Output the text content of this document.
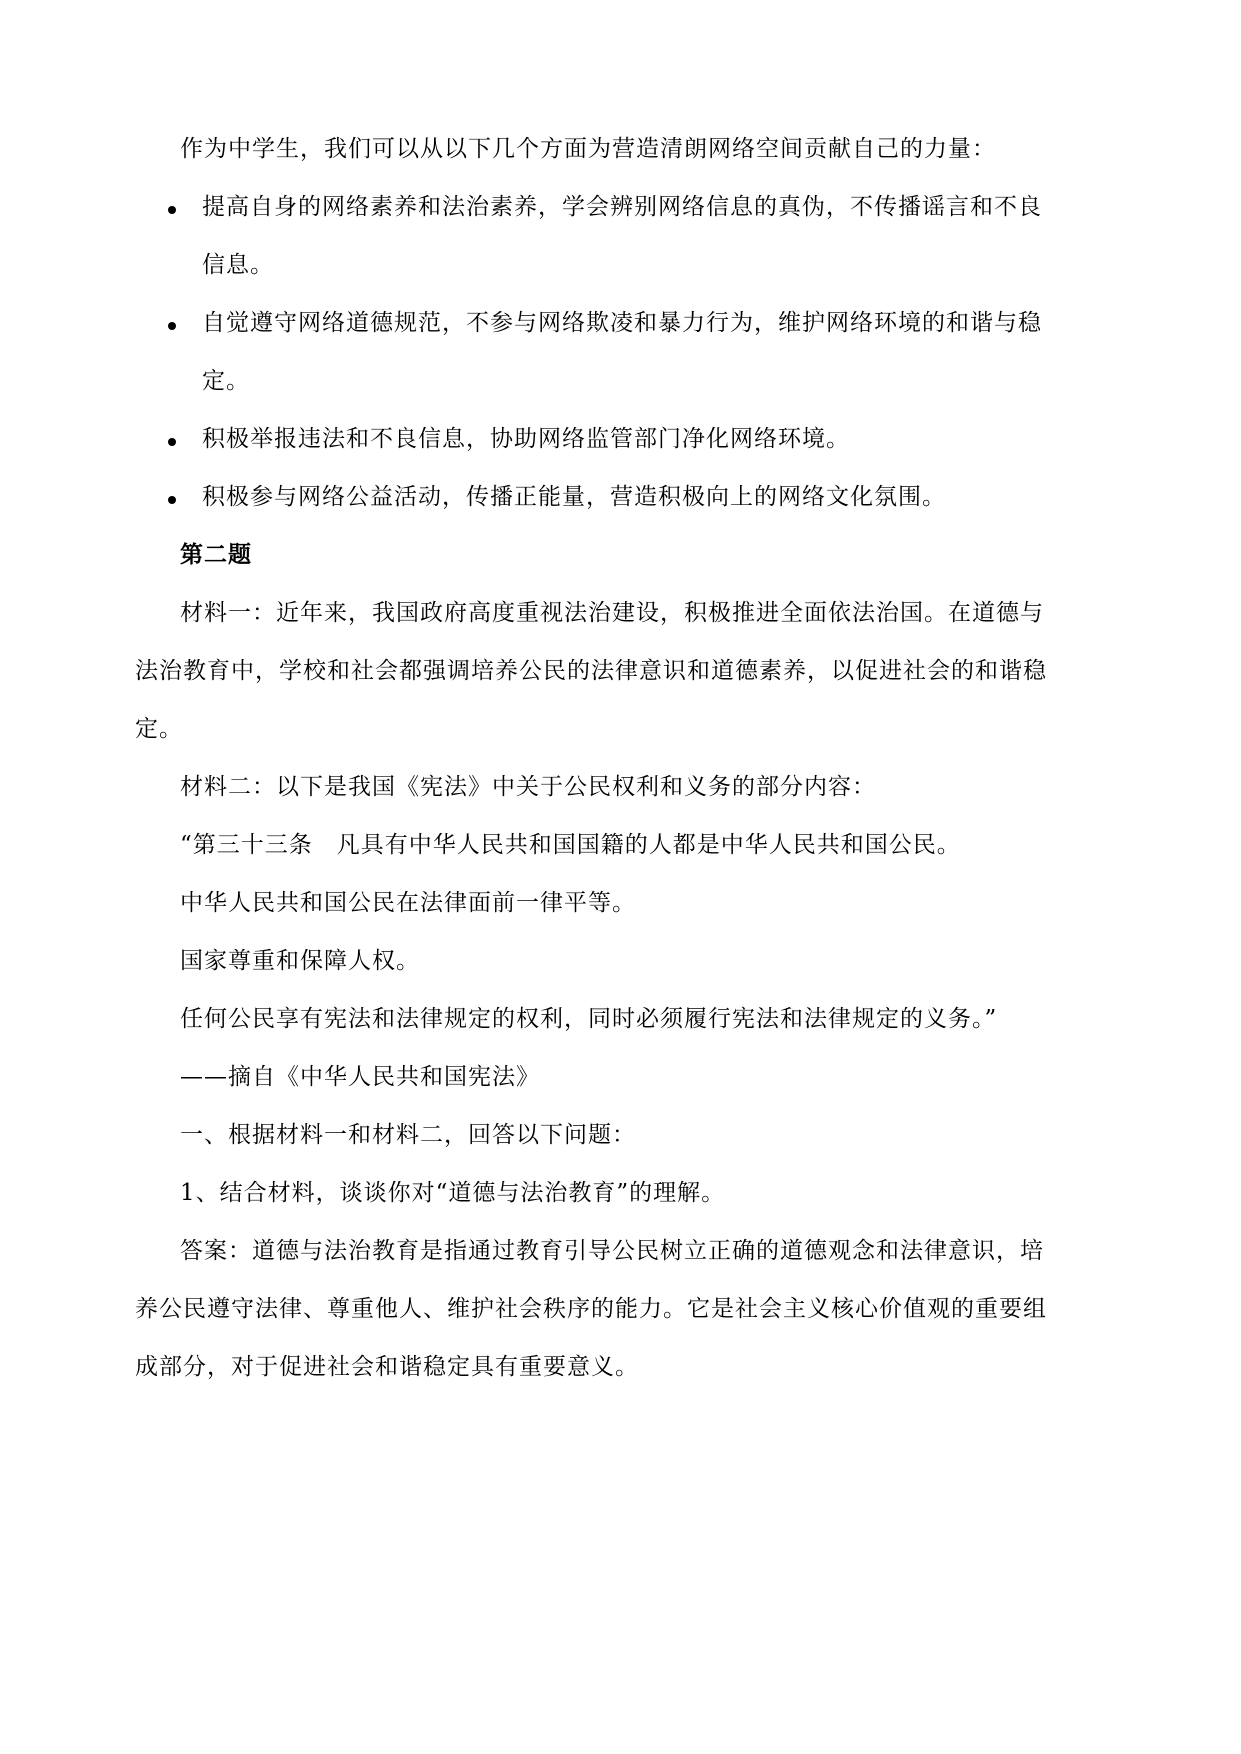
作为中学生，我们可以从以下几个方面为营造清朗网络空间贡献自己的力量：
提高自身的网络素养和法治素养，学会辨别网络信息的真伪，不传播谣言和不良
信息。
自觉遵守网络道德规范，不参与网络欺凌和暴力行为，维护网络环境的和谐与稳
定。
积极举报违法和不良信息，协助网络监管部门净化网络环境。
积极参与网络公益活动，传播正能量，营造积极向上的网络文化氛围。
第二题
材料一：近年来，我国政府高度重视法治建设，积极推进全面依法治国。在道德与
法治教育中，学校和社会都强调培养公民的法律意识和道德素养，以促进社会的和谐稳
定。
材料二：以下是我国《宪法》中关于公民权利和义务的部分内容：
“第三十三条　凡具有中华人民共和国国籍的人都是中华人民共和国公民。
中华人民共和国公民在法律面前一律平等。
国家尊重和保障人权。
任何公民享有宪法和法律规定的权利，同时必须履行宪法和法律规定的义务。”
——摘自《中华人民共和国宪法》
一、根据材料一和材料二，回答以下问题：
1、结合材料，谈谈你对“道德与法治教育”的理解。
答案：道德与法治教育是指通过教育引导公民树立正确的道德观念和法律意识，培
养公民遵守法律、尊重他人、维护社会秩序的能力。它是社会主义核心价值观的重要组
成部分，对于促进社会和谐稳定具有重要意义。
